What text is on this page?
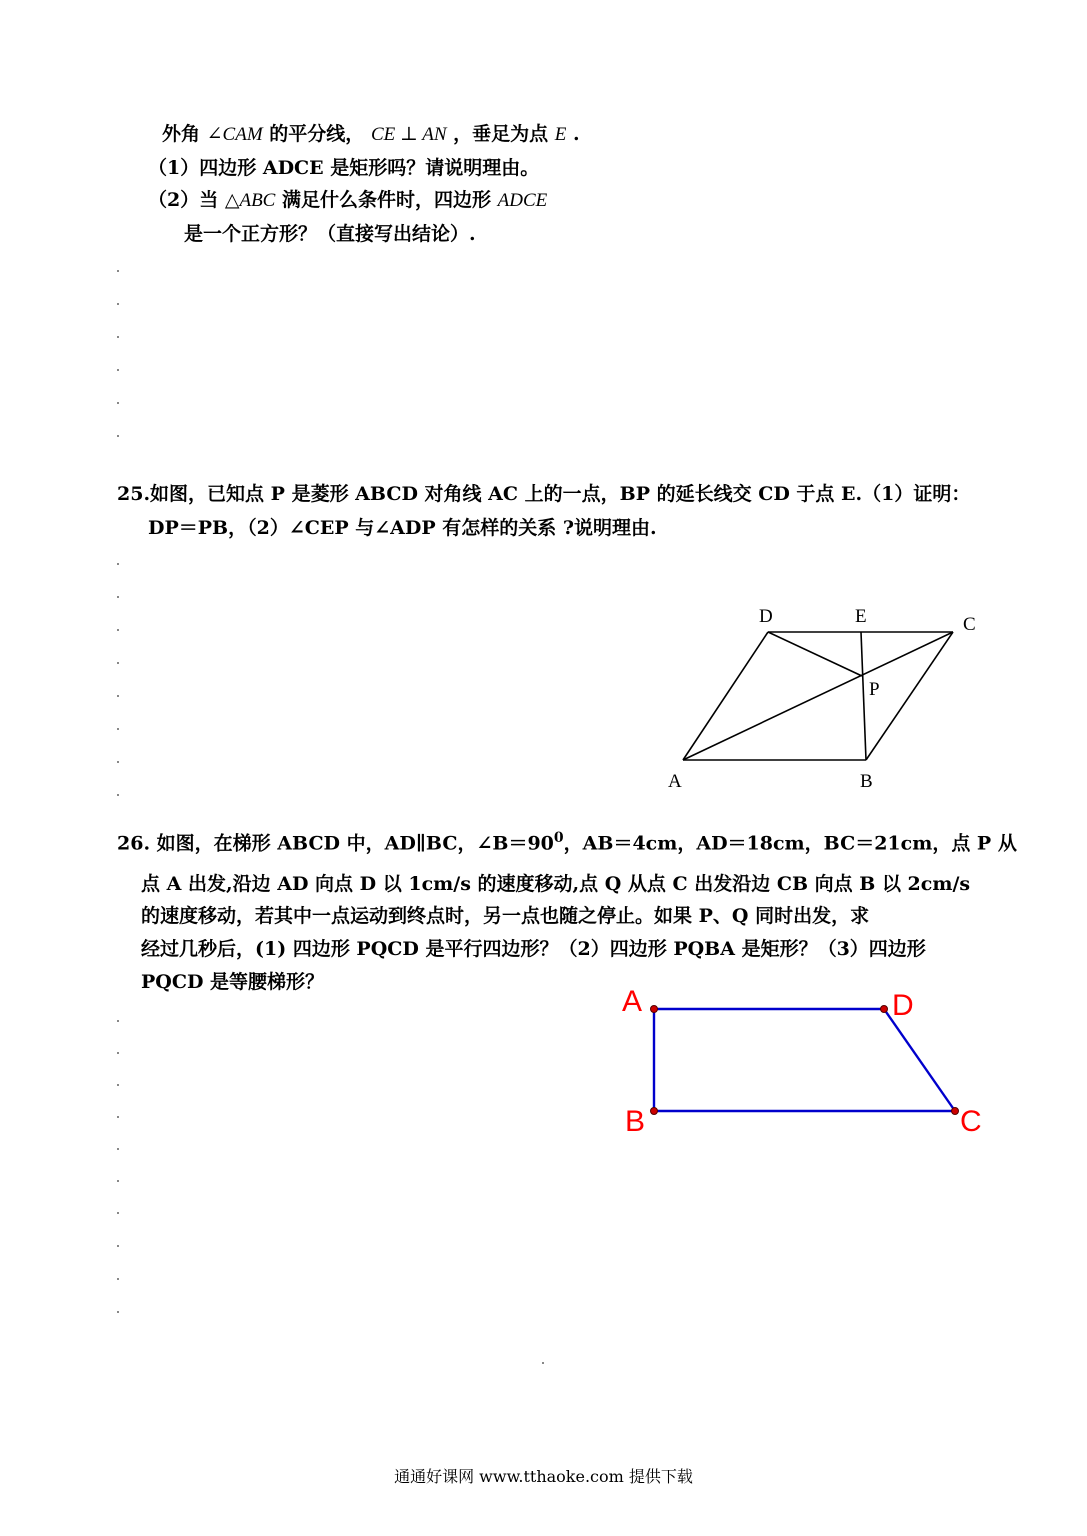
外角 ∠CAM 的平分线， CE ⊥ AN ，垂足为点 E .
（1）四边形 ADCE 是矩形吗？请说明理由。
（2）当 △ABC 满足什么条件时，四边形 ADCE
是一个正方形？（直接写出结论）.
25.如图，已知点 P 是菱形 ABCD 对角线 AC 上的一点，BP 的延长线交 CD 于点 E.（1）证明：
DP＝PB，（2）∠CEP 与∠ADP 有怎样的关系 ?说明理由.
D	E	C
P
A	B
26. 如图，在梯形 ABCD 中，AD∥BC，$\angle B=90^0$，AB＝4cm，AD＝18cm，BC＝21cm，点 P 从
点 A 出发,沿边 AD 向点 D 以 1cm/s 的速度移动,点 Q 从点 C 出发沿边 CB 向点 B 以 2cm/s
的速度移动，若其中一点运动到终点时，另一点也随之停止。如果 P、Q 同时出发，求
经过几秒后，(1) 四边形 PQCD 是平行四边形？（2）四边形 PQBA 是矩形？（3）四边形
PQCD 是等腰梯形？
A	D
C
B
通通好课网 www.tthaoke.com 提供下载
